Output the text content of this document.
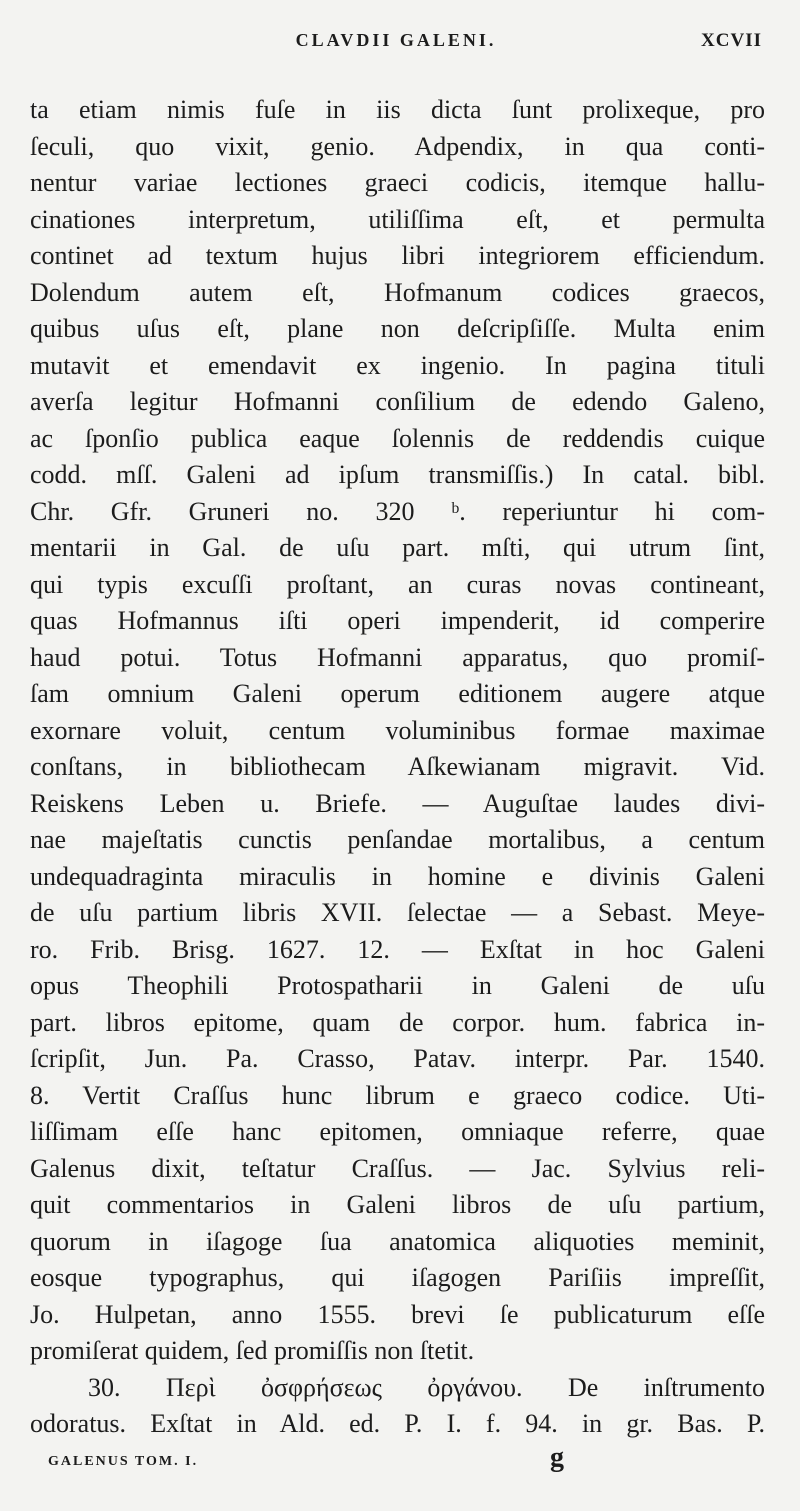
CLAVDII GALENI.	XCVII
ta etiam nimis fuſe in iis dicta ſunt prolixeque, pro
ſeculi, quo vixit, genio. Adpendix, in qua conti-
nentur variae lectiones graeci codicis, itemque hallu-
cinationes interpretum, utiliſſima eſt, et permulta
continet ad textum hujus libri integriorem efficiendum.
Dolendum autem eſt, Hofmanum codices graecos,
quibus uſus eſt, plane non deſcripſiſſe. Multa enim
mutavit et emendavit ex ingenio. In pagina tituli
averſa legitur Hofmanni conſilium de edendo Galeno,
ac ſponſio publica eaque ſolennis de reddendis cuique
codd. mſſ. Galeni ad ipſum transmiſſis.) In catal. bibl.
Chr. Gfr. Gruneri no. 320 ᵇ. reperiuntur hi com-
mentarii in Gal. de uſu part. mſti, qui utrum ſint,
qui typis excuſſi proſtant, an curas novas contineant,
quas Hofmannus iſti operi impenderit, id comperire
haud potui. Totus Hofmanni apparatus, quo promiſ-
ſam omnium Galeni operum editionem augere atque
exornare voluit, centum voluminibus formae maximae
conſtans, in bibliothecam Aſkewianam migravit. Vid.
Reiskens Leben u. Briefe. — Auguſtae laudes divi-
nae majeſtatis cunctis penſandae mortalibus, a centum
undequadraginta miraculis in homine e divinis Galeni
de uſu partium libris XVII. ſelectae — a Sebast. Meye-
ro. Frib. Brisg. 1627. 12. — Exſtat in hoc Galeni
opus Theophili Protospatharii in Galeni de uſu
part. libros epitome, quam de corpor. hum. fabrica in-
ſcripſit, Jun. Pa. Crasso, Patav. interpr. Par. 1540.
8. Vertit Craſſus hunc librum e graeco codice. Uti-
liſſimam eſſe hanc epitomen, omniaque referre, quae
Galenus dixit, teſtatur Craſſus. — Jac. Sylvius reli-
quit commentarios in Galeni libros de uſu partium,
quorum in iſagoge ſua anatomica aliquoties meminit,
eosque typographus, qui iſagogen Pariſiis impreſſit,
Jo. Hulpetan, anno 1555. brevi ſe publicaturum eſſe
promiſerat quidem, ſed promiſſis non ſtetit.
30. Περὶ ὀσφρήσεως ὀργάνου. De inſtrumento
odoratus. Exſtat in Ald. ed. P. I. f. 94. in gr. Bas. P.
GALENUS TOM. I.	g
